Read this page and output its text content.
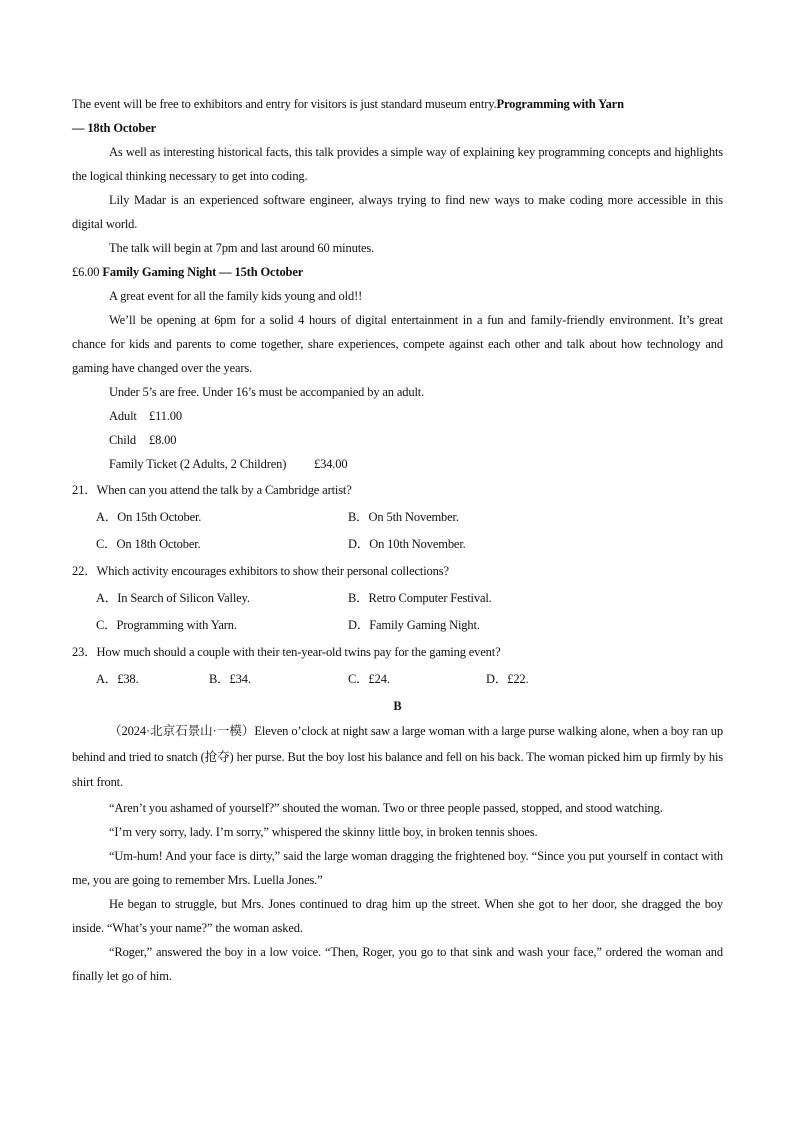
The event will be free to exhibitors and entry for visitors is just standard museum entry.Programming with Yarn

— 18th October

As well as interesting historical facts, this talk provides a simple way of explaining key programming concepts and highlights the logical thinking necessary to get into coding.

Lily Madar is an experienced software engineer, always trying to find new ways to make coding more accessible in this digital world.

The talk will begin at 7pm and last around 60 minutes.

£6.00 Family Gaming Night — 15th October

A great event for all the family kids young and old!!

We’ll be opening at 6pm for a solid 4 hours of digital entertainment in a fun and family-friendly environment. It’s great chance for kids and parents to come together, share experiences, compete against each other and talk about how technology and gaming have changed over the years.

Under 5’s are free. Under 16’s must be accompanied by an adult.

Adult £11.00
Child £8.00
Family Ticket (2 Adults, 2 Children) £34.00

21．When can you attend the talk by a Cambridge artist?

A．On 15th October.	B．On 5th November.
C．On 18th October.	D．On 10th November.

22．Which activity encourages exhibitors to show their personal collections?

A．In Search of Silicon Valley.	B．Retro Computer Festival.
C．Programming with Yarn.	D．Family Gaming Night.

23．How much should a couple with their ten-year-old twins pay for the gaming event?

A．£38.	B．£34.	C．£24.	D．£22.
B

（2024·北京石景山·一模）Eleven o’clock at night saw a large woman with a large purse walking alone, when a boy ran up behind and tried to snatch (抢夺) her purse. But the boy lost his balance and fell on his back. The woman picked him up firmly by his shirt front.

“Aren’t you ashamed of yourself?” shouted the woman. Two or three people passed, stopped, and stood watching.

“I’m very sorry, lady. I’m sorry,” whispered the skinny little boy, in broken tennis shoes.

“Um-hum! And your face is dirty,” said the large woman dragging the frightened boy. “Since you put yourself in contact with me, you are going to remember Mrs. Luella Jones.”

He began to struggle, but Mrs. Jones continued to drag him up the street. When she got to her door, she dragged the boy inside. “What’s your name?” the woman asked.

“Roger,” answered the boy in a low voice. “Then, Roger, you go to that sink and wash your face,” ordered the woman and finally let go of him.
